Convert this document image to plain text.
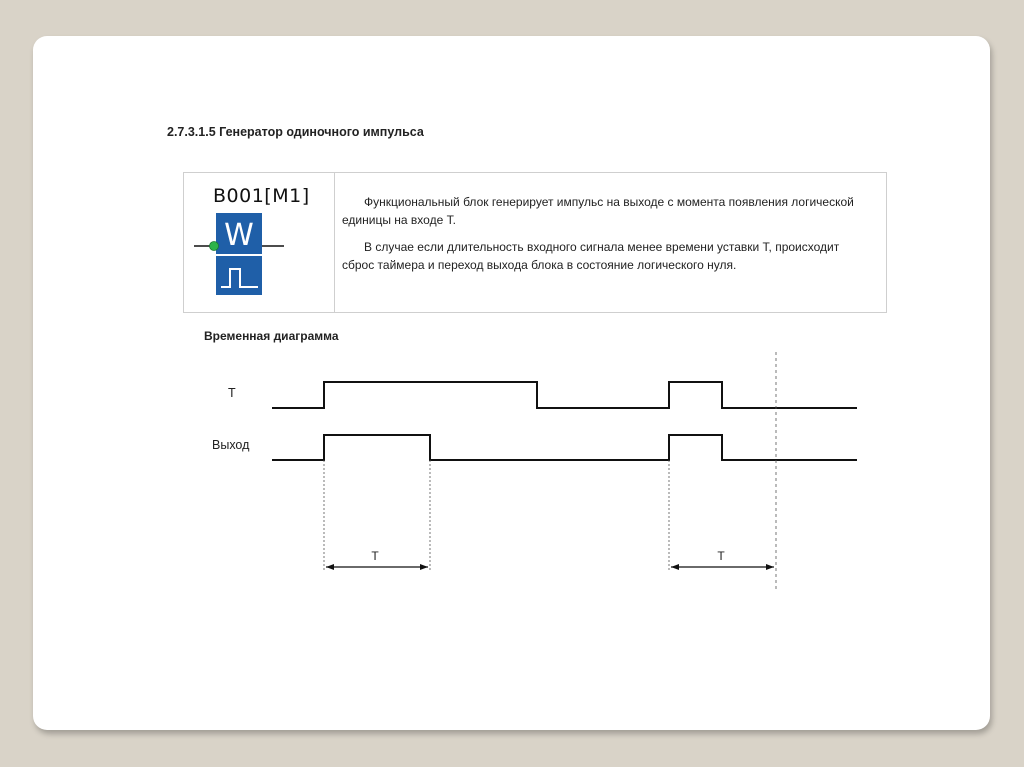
2.7.3.1.5 Генератор одиночного импульса
B001[M1]
W

Функциональный блок генерирует импульс на выходе с момента появления логической единицы на входе T.

В случае если длительность входного сигнала менее времени уставки T, происходит сброс таймера и переход выхода блока в состояние логического нуля.

Временная диаграмма
T
Выход
T	T
